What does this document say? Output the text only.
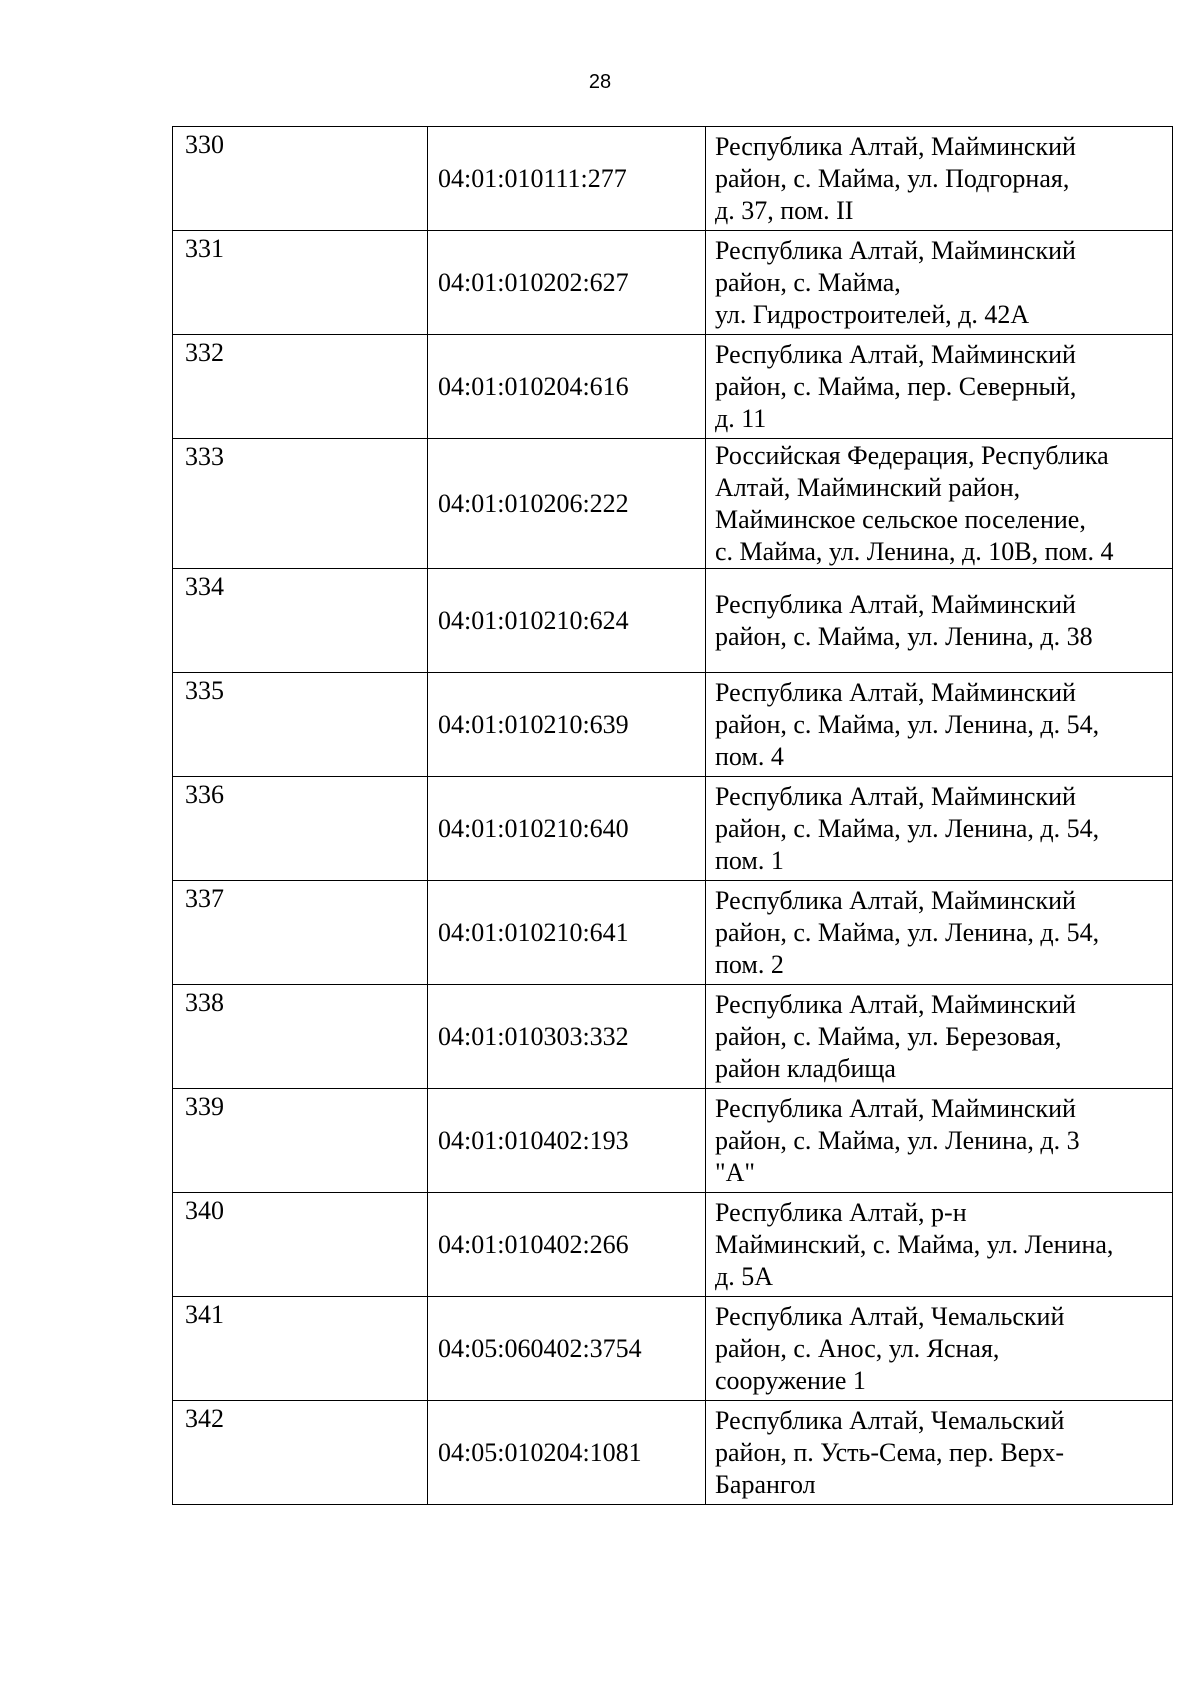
28
330	04:01:010111:277	Республика Алтай, Майминский
район, с. Майма, ул. Подгорная,
д. 37, пом. II

331	04:01:010202:627	Республика Алтай, Майминский
район, с. Майма,
ул. Гидростроителей, д. 42А

332	04:01:010204:616	Республика Алтай, Майминский
район, с. Майма, пер. Северный,
д. 11

333	04:01:010206:222	Российская Федерация, Республика
Алтай, Майминский район,
Майминское сельское поселение,
с. Майма, ул. Ленина, д. 10В, пом. 4

334	04:01:010210:624	Республика Алтай, Майминский
район, с. Майма, ул. Ленина, д. 38

335	04:01:010210:639	Республика Алтай, Майминский
район, с. Майма, ул. Ленина, д. 54,
пом. 4

336	04:01:010210:640	Республика Алтай, Майминский
район, с. Майма, ул. Ленина, д. 54,
пом. 1

337	04:01:010210:641	Республика Алтай, Майминский
район, с. Майма, ул. Ленина, д. 54,
пом. 2

338	04:01:010303:332	Республика Алтай, Майминский
район, с. Майма, ул. Березовая,
район кладбища

339	04:01:010402:193	Республика Алтай, Майминский
район, с. Майма, ул. Ленина, д. 3
"А"

340	04:01:010402:266	Республика Алтай, р-н
Майминский, с. Майма, ул. Ленина,
д. 5А

341	04:05:060402:3754	Республика Алтай, Чемальский
район, с. Анос, ул. Ясная,
сооружение 1

342	04:05:010204:1081	Республика Алтай, Чемальский
район, п. Усть-Сема, пер. Верх-
Барангол
